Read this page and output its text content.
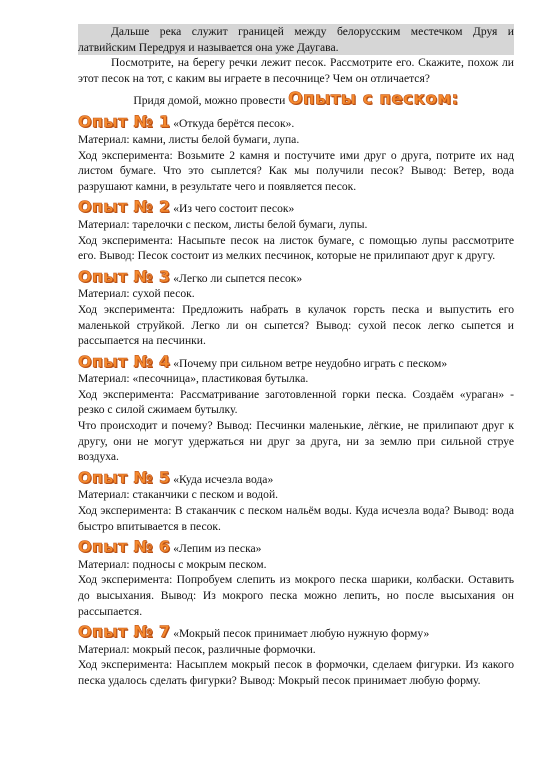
Дальше река служит границей между белорусским местечком Друя и латвийским Передруя и называется она уже Даугава.

Посмотрите, на берегу речки лежит песок. Рассмотрите его. Скажите, похож ли этот песок на тот, с каким вы играете в песочнице? Чем он отличается?

Придя домой, можно провести Опыты с песком:

Опыт № 1 «Откуда берётся песок».

Материал: камни, листы белой бумаги, лупа.

Ход эксперимента: Возьмите 2 камня и постучите ими друг о друга, потрите их над листом бумаге. Что это сыплется? Как мы получили песок? Вывод: Ветер, вода разрушают камни, в результате чего и появляется песок.

Опыт № 2 «Из чего состоит песок»

Материал: тарелочки с песком, листы белой бумаги, лупы.

Ход эксперимента: Насыпьте песок на листок бумаге, с помощью лупы рассмотрите его. Вывод: Песок состоит из мелких песчинок, которые не прилипают друг к другу.

Опыт № 3 «Легко ли сыпется песок»

Материал: сухой песок.

Ход эксперимента: Предложить набрать в кулачок горсть песка и выпустить его маленькой струйкой. Легко ли он сыпется? Вывод: сухой песок легко сыпется и рассыпается на песчинки.

Опыт № 4 «Почему при сильном ветре неудобно играть с песком»

Материал: «песочница», пластиковая бутылка.

Ход эксперимента: Рассматривание заготовленной горки песка. Создаём «ураган» - резко с силой сжимаем бутылку.

Что происходит и почему? Вывод: Песчинки маленькие, лёгкие, не прилипают друг к другу, они не могут удержаться ни друг за друга, ни за землю при сильной струе воздуха.

Опыт № 5 «Куда исчезла вода»

Материал: стаканчики с песком и водой.

Ход эксперимента: В стаканчик с песком нальём воды. Куда исчезла вода? Вывод: вода быстро впитывается в песок.

Опыт № 6 «Лепим из песка»

Материал: подносы с мокрым песком.

Ход эксперимента: Попробуем слепить из мокрого песка шарики, колбаски. Оставить до высыхания. Вывод: Из мокрого песка можно лепить, но после высыхания он рассыпается.

Опыт № 7 «Мокрый песок принимает любую нужную форму»

Материал: мокрый песок, различные формочки.

Ход эксперимента: Насыплем мокрый песок в формочки, сделаем фигурки. Из какого песка удалось сделать фигурки? Вывод: Мокрый песок принимает любую форму.
